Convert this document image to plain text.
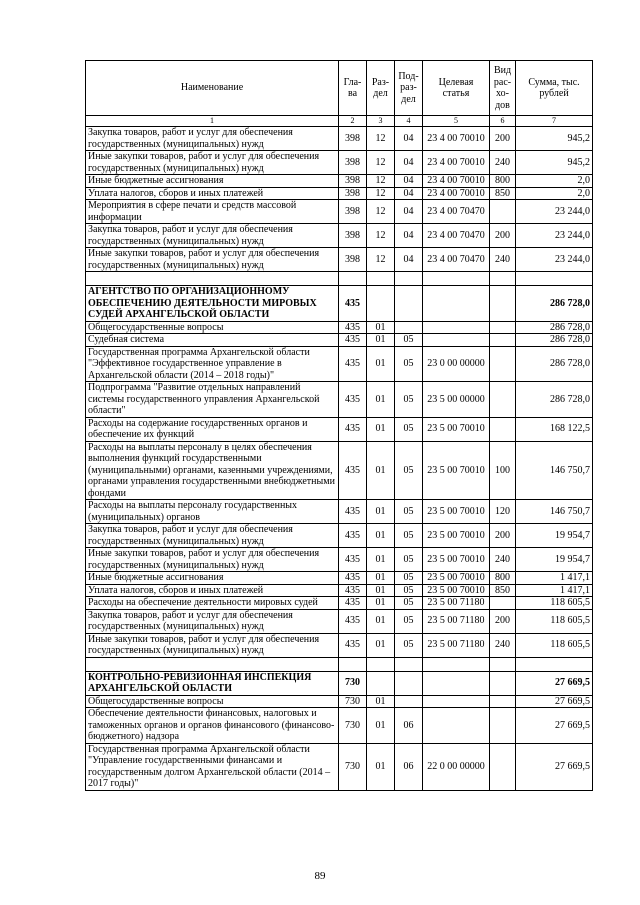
Наименование	Гла-ва	Раз-дел	Под-раз-дел	Целевая статья	Вид рас-хо-дов	Сумма, тыс. рублей
1	2	3	4	5	6	7
Закупка товаров, работ и услуг для обеспечения государственных (муниципальных) нужд	398	12	04	23 4 00 70010	200	945,2
Иные закупки товаров, работ и услуг для обеспечения государственных (муниципальных) нужд	398	12	04	23 4 00 70010	240	945,2
Иные бюджетные ассигнования	398	12	04	23 4 00 70010	800	2,0
Уплата налогов, сборов и иных платежей	398	12	04	23 4 00 70010	850	2,0
Мероприятия в сфере печати и средств массовой информации	398	12	04	23 4 00 70470		23 244,0
Закупка товаров, работ и услуг для обеспечения государственных (муниципальных) нужд	398	12	04	23 4 00 70470	200	23 244,0
Иные закупки товаров, работ и услуг для обеспечения государственных (муниципальных) нужд	398	12	04	23 4 00 70470	240	23 244,0

АГЕНТСТВО ПО ОРГАНИЗАЦИОННОМУ ОБЕСПЕЧЕНИЮ ДЕЯТЕЛЬНОСТИ МИРОВЫХ СУДЕЙ АРХАНГЕЛЬСКОЙ ОБЛАСТИ	435					286 728,0
Общегосударственные вопросы	435	01				286 728,0
Судебная система	435	01	05			286 728,0
Государственная программа Архангельской области "Эффективное государственное управление в Архангельской области (2014 – 2018 годы)"	435	01	05	23 0 00 00000		286 728,0
Подпрограмма "Развитие отдельных направлений системы государственного управления Архангельской области"	435	01	05	23 5 00 00000		286 728,0
Расходы на содержание государственных органов и обеспечение их функций	435	01	05	23 5 00 70010		168 122,5
Расходы на выплаты персоналу в целях обеспечения выполнения функций государственными (муниципальными) органами, казенными учреждениями, органами управления государственными внебюджетными фондами	435	01	05	23 5 00 70010	100	146 750,7
Расходы на выплаты персоналу государственных (муниципальных) органов	435	01	05	23 5 00 70010	120	146 750,7
Закупка товаров, работ и услуг для обеспечения государственных (муниципальных) нужд	435	01	05	23 5 00 70010	200	19 954,7
Иные закупки товаров, работ и услуг для обеспечения государственных (муниципальных) нужд	435	01	05	23 5 00 70010	240	19 954,7
Иные бюджетные ассигнования	435	01	05	23 5 00 70010	800	1 417,1
Уплата налогов, сборов и иных платежей	435	01	05	23 5 00 70010	850	1 417,1
Расходы на обеспечение деятельности мировых судей	435	01	05	23 5 00 71180		118 605,5
Закупка товаров, работ и услуг для обеспечения государственных (муниципальных) нужд	435	01	05	23 5 00 71180	200	118 605,5
Иные закупки товаров, работ и услуг для обеспечения государственных (муниципальных) нужд	435	01	05	23 5 00 71180	240	118 605,5

КОНТРОЛЬНО-РЕВИЗИОННАЯ ИНСПЕКЦИЯ АРХАНГЕЛЬСКОЙ ОБЛАСТИ	730					27 669,5
Общегосударственные вопросы	730	01				27 669,5
Обеспечение деятельности финансовых, налоговых и таможенных органов и органов финансового (финансово-бюджетного) надзора	730	01	06			27 669,5
Государственная программа Архангельской области "Управление государственными финансами и государственным долгом Архангельской области (2014 – 2017 годы)"	730	01	06	22 0 00 00000		27 669,5
89
